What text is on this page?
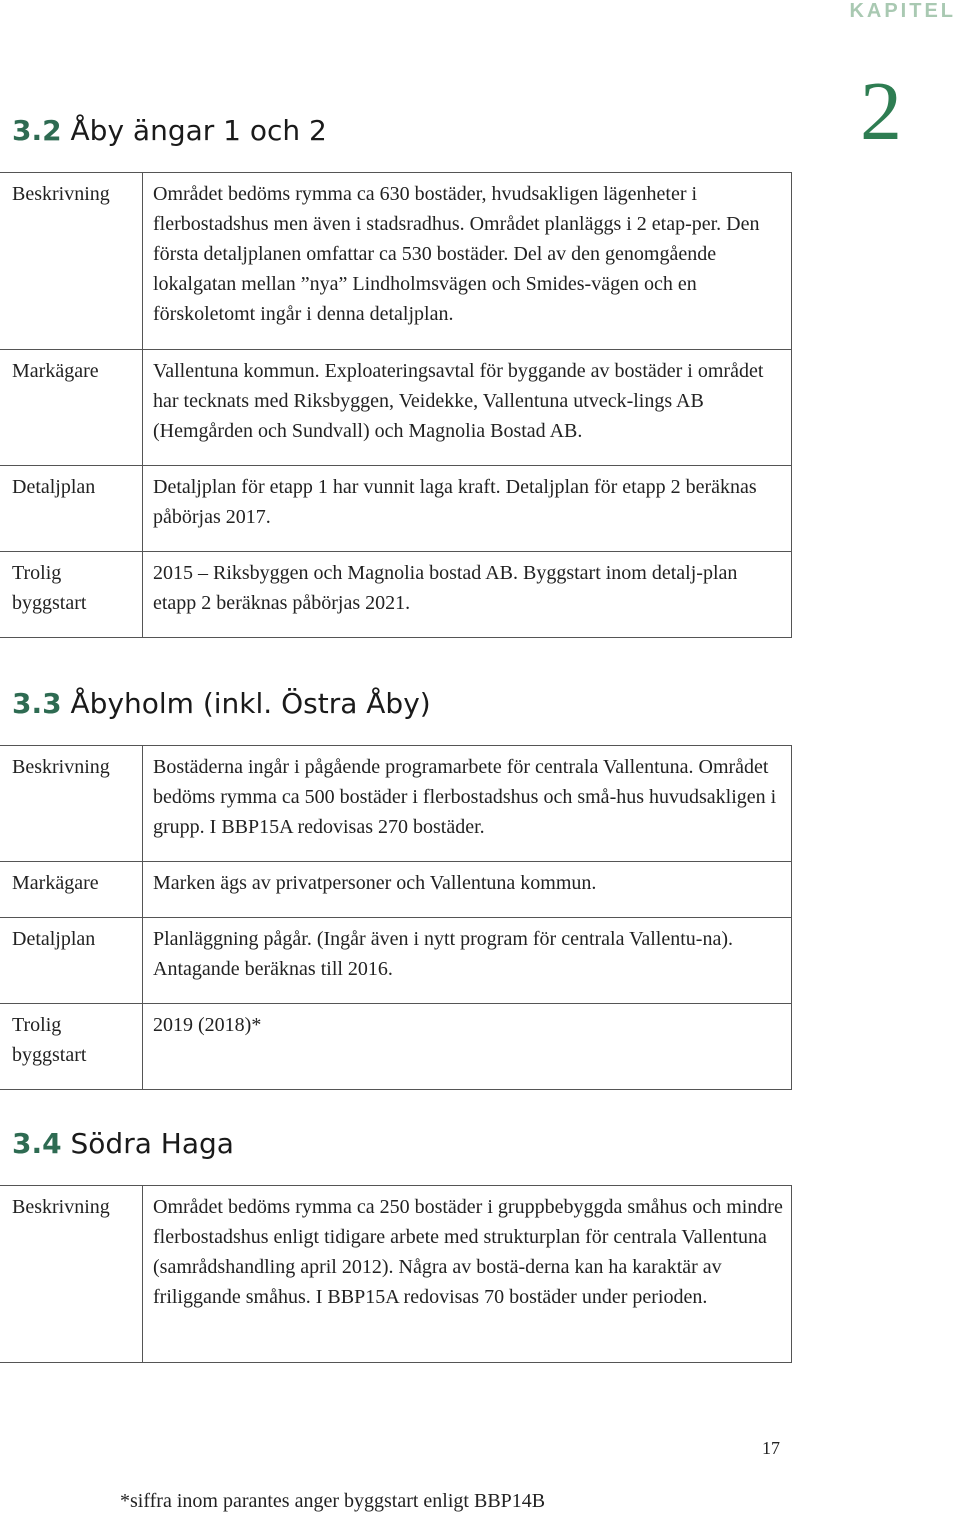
KAPITEL
2
3.2 Åby ängar 1 och 2
Beskrivning	Området bedöms rymma ca 630 bostäder, hvudsakligen lägenheter i flerbostadshus men även i stadsradhus. Området planläggs i 2 etap-per. Den första detaljplanen omfattar ca 530 bostäder. Del av den genomgående lokalgatan mellan ”nya” Lindholmsvägen och Smides-vägen och en förskoletomt ingår i denna detaljplan.
Markägare	Vallentuna kommun. Exploateringsavtal för byggande av bostäder i området har tecknats med Riksbyggen, Veidekke, Vallentuna utveck-lings AB (Hemgården och Sundvall) och Magnolia Bostad AB.
Detaljplan	Detaljplan för etapp 1 har vunnit laga kraft. Detaljplan för etapp 2 beräknas påbörjas 2017.
Trolig byggstart	2015 – Riksbyggen och Magnolia bostad AB. Byggstart inom detalj-plan etapp 2 beräknas påbörjas 2021.
3.3 Åbyholm (inkl. Östra Åby)
Beskrivning	Bostäderna ingår i pågående programarbete för centrala Vallentuna. Området bedöms rymma ca 500 bostäder i flerbostadshus och små-hus huvudsakligen i grupp. I BBP15A redovisas 270 bostäder.
Markägare	Marken ägs av privatpersoner och Vallentuna kommun.
Detaljplan	Planläggning pågår. (Ingår även i nytt program för centrala Vallentu-na). Antagande beräknas till 2016.
Trolig byggstart	2019 (2018)*
3.4 Södra Haga
Beskrivning	Området bedöms rymma ca 250 bostäder i gruppbebyggda småhus och mindre flerbostadshus enligt tidigare arbete med strukturplan för centrala Vallentuna (samrådshandling april 2012). Några av bostä-derna kan ha karaktär av friliggande småhus. I BBP15A redovisas 70 bostäder under perioden.
17
*siffra inom parantes anger byggstart enligt BBP14B
